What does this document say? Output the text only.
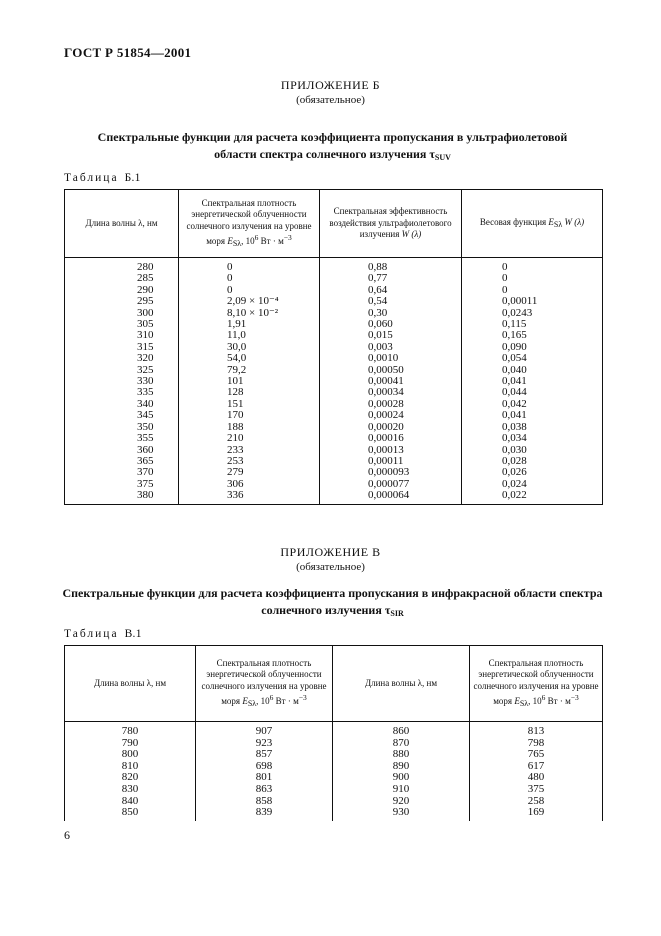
ГОСТ Р 51854—2001
ПРИЛОЖЕНИЕ Б
(обязательное)
Спектральные функции для расчета коэффициента пропускания в ультрафиолетовой
области спектра солнечного излучения $\tau_{SUV}$
Таблица Б.1
Длина волны λ, нм	Спектральная плотность энергетической облученности солнечного излучения на уровне моря ESλ, $10^6$ Вт · $м^{-3}$	Спектральная эффективность воздействия ультрафиолетового излучения W (λ)	Весовая функция ESλ W (λ)
280	0	0,88	0
285	0	0,77	0
290	0	0,64	0
295	2,09 × 10⁻⁴	0,54	0,00011
300	8,10 × 10⁻²	0,30	0,0243
305	1,91	0,060	0,115
310	11,0	0,015	0,165
315	30,0	0,003	0,090
320	54,0	0,0010	0,054
325	79,2	0,00050	0,040
330	101	0,00041	0,041
335	128	0,00034	0,044
340	151	0,00028	0,042
345	170	0,00024	0,041
350	188	0,00020	0,038
355	210	0,00016	0,034
360	233	0,00013	0,030
365	253	0,00011	0,028
370	279	0,000093	0,026
375	306	0,000077	0,024
380	336	0,000064	0,022
ПРИЛОЖЕНИЕ В
(обязательное)
Спектральные функции для расчета коэффициента пропускания в инфракрасной области спектра
солнечного излучения $\tau_{SIR}$
Таблица В.1
Длина волны λ, нм	Спектральная плотность энергетической облученности солнечного излучения на уровне моря ESλ, $10^6$ Вт · $м^{-3}$	Длина волны λ, нм	Спектральная плотность энергетической облученности солнечного излучения на уровне моря ESλ, $10^6$ Вт · $м^{-3}$
780	907	860	813
790	923	870	798
800	857	880	765
810	698	890	617
820	801	900	480
830	863	910	375
840	858	920	258
850	839	930	169
6
